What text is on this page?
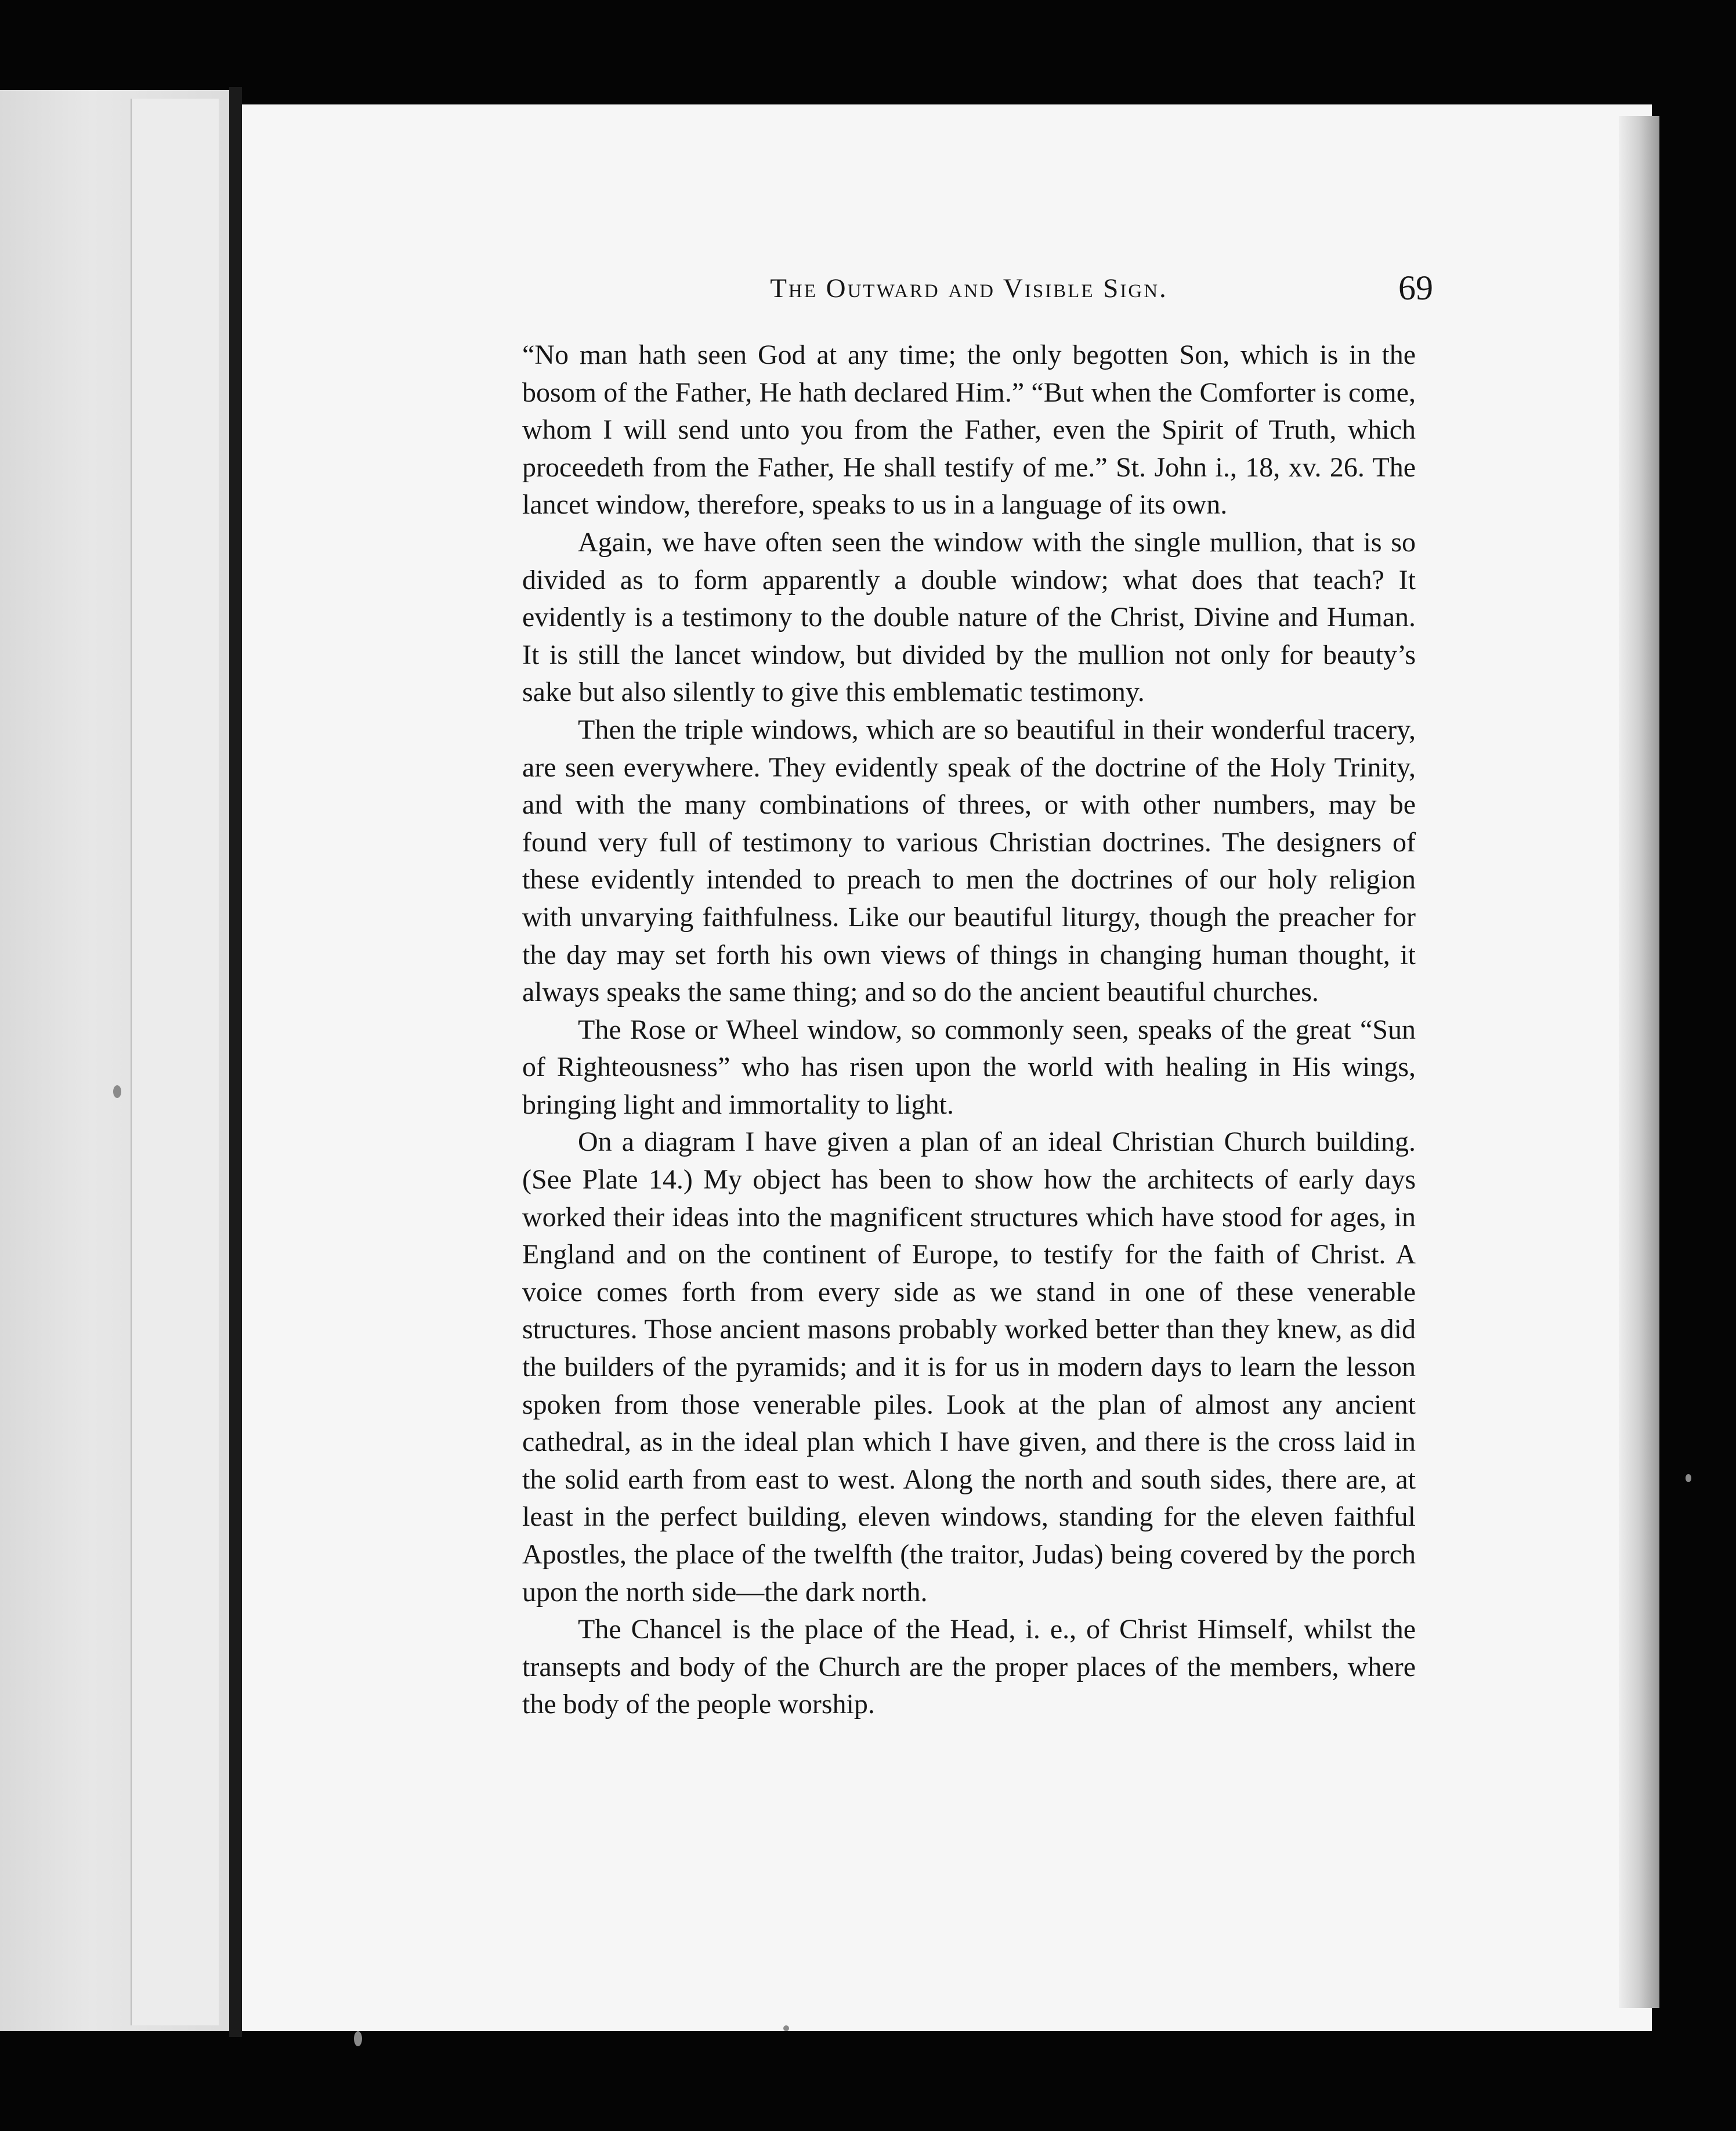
The Outward and Visible Sign.	69

“No man hath seen God at any time; the only begotten Son, which is in the bosom of the Father, He hath declared Him.” “But when the Comforter is come, whom I will send unto you from the Father, even the Spirit of Truth, which proceedeth from the Father, He shall testify of me.” St. John i., 18, xv. 26. The lancet window, therefore, speaks to us in a language of its own.

Again, we have often seen the window with the single mullion, that is so divided as to form apparently a double window; what does that teach? It evidently is a testimony to the double nature of the Christ, Divine and Human. It is still the lancet window, but divided by the mullion not only for beauty’s sake but also silently to give this emblematic testimony.

Then the triple windows, which are so beautiful in their wonderful tracery, are seen everywhere. They evidently speak of the doctrine of the Holy Trinity, and with the many combinations of threes, or with other numbers, may be found very full of testimony to various Christian doctrines. The designers of these evidently intended to preach to men the doctrines of our holy religion with unvarying faithfulness. Like our beautiful liturgy, though the preacher for the day may set forth his own views of things in changing human thought, it always speaks the same thing; and so do the ancient beautiful churches.

The Rose or Wheel window, so commonly seen, speaks of the great “Sun of Righteousness” who has risen upon the world with healing in His wings, bringing light and immortality to light.

On a diagram I have given a plan of an ideal Christian Church building. (See Plate 14.) My object has been to show how the architects of early days worked their ideas into the magnificent structures which have stood for ages, in England and on the continent of Europe, to testify for the faith of Christ. A voice comes forth from every side as we stand in one of these venerable structures. Those ancient masons probably worked better than they knew, as did the builders of the pyramids; and it is for us in modern days to learn the lesson spoken from those venerable piles. Look at the plan of almost any ancient cathedral, as in the ideal plan which I have given, and there is the cross laid in the solid earth from east to west. Along the north and south sides, there are, at least in the perfect building, eleven windows, standing for the eleven faithful Apostles, the place of the twelfth (the traitor, Judas) being covered by the porch upon the north side—the dark north.

The Chancel is the place of the Head, i. e., of Christ Himself, whilst the transepts and body of the Church are the proper places of the members, where the body of the people worship.
